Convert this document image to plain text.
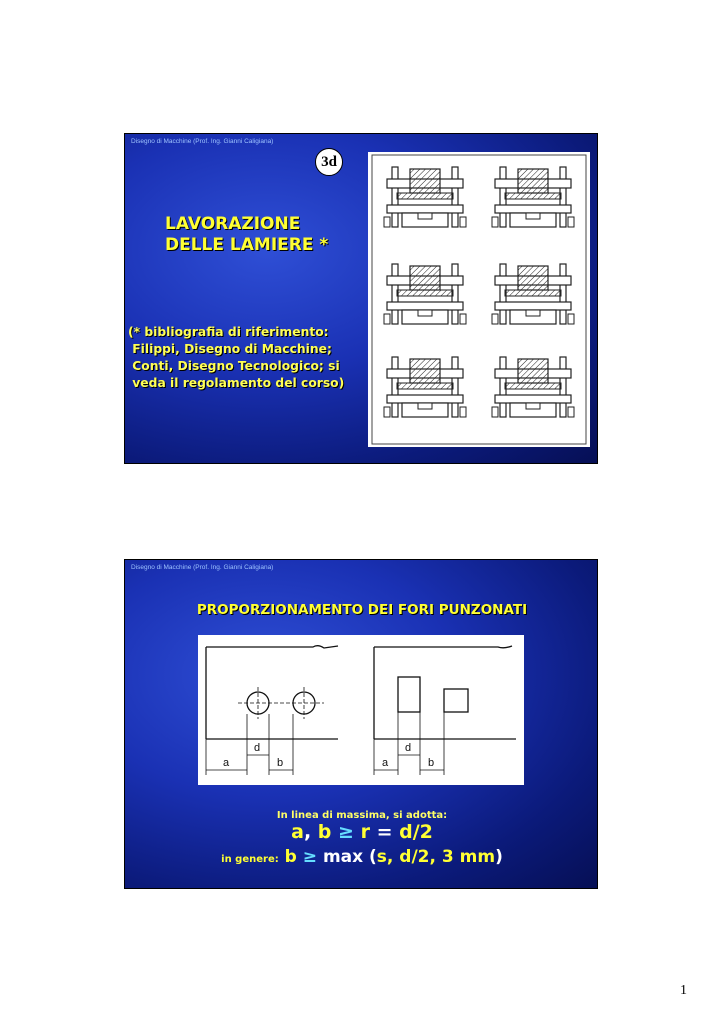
Disegno di Macchine (Prof. Ing. Gianni Caligiana)
3d
LAVORAZIONE
DELLE LAMIERE *
(* bibliografia di riferimento:
Filippi, Disegno di Macchine;
Conti, Disegno Tecnologico; si
veda il regolamento del corso)
Disegno di Macchine (Prof. Ing. Gianni Caligiana)
PROPORZIONAMENTO DEI FORI PUNZONATI
d
a	b
d
a	b
In linea di massima, si adotta:
a, b ≥ r = d/2
in genere: b ≥ max (s, d/2, 3 mm)
1
